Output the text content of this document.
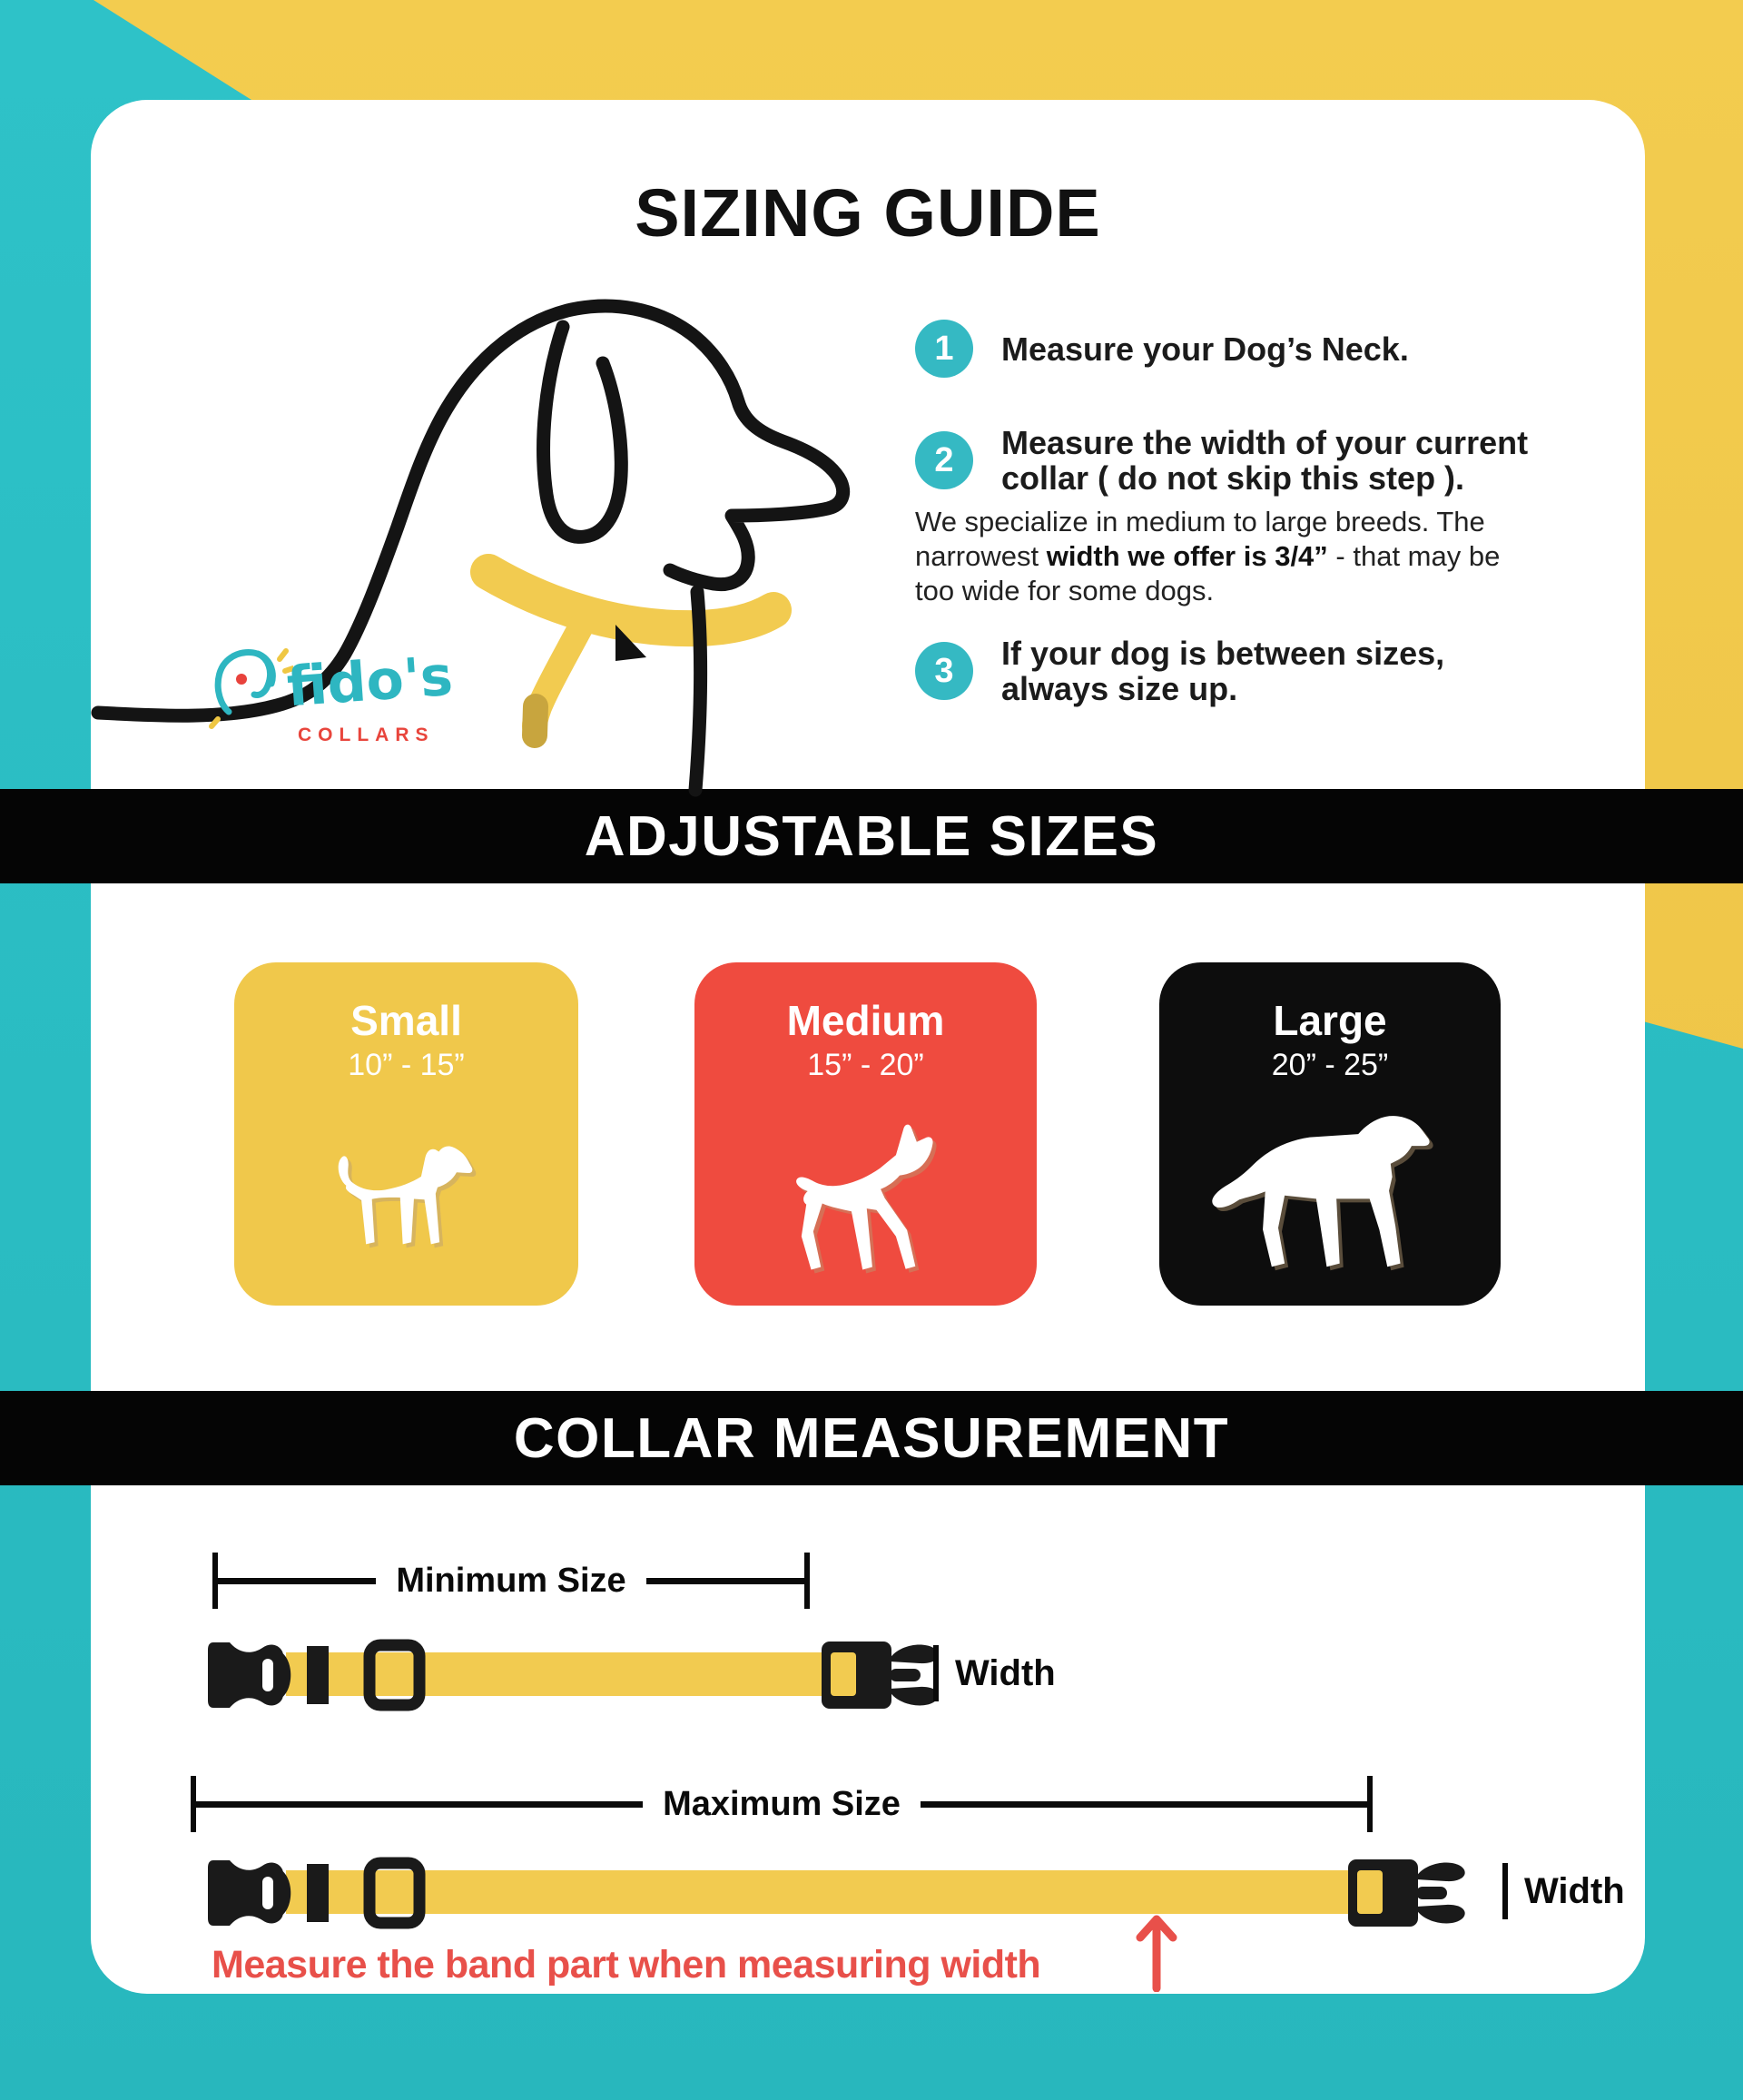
SIZING GUIDE
fido's
COLLARS
1	Measure your Dog’s Neck.
2	Measure the width of your current
collar ( do not skip this step ).
We specialize in medium to large breeds. The
narrowest width we offer is 3/4” - that may be
too wide for some dogs.
3	If your dog is between sizes,
always size up.
ADJUSTABLE SIZES
COLLAR MEASUREMENT
Small
10” - 15”
Medium
15” - 20”
Large
20” - 25”
Minimum Size
Width
Maximum Size
Width
Measure the band part when measuring width
